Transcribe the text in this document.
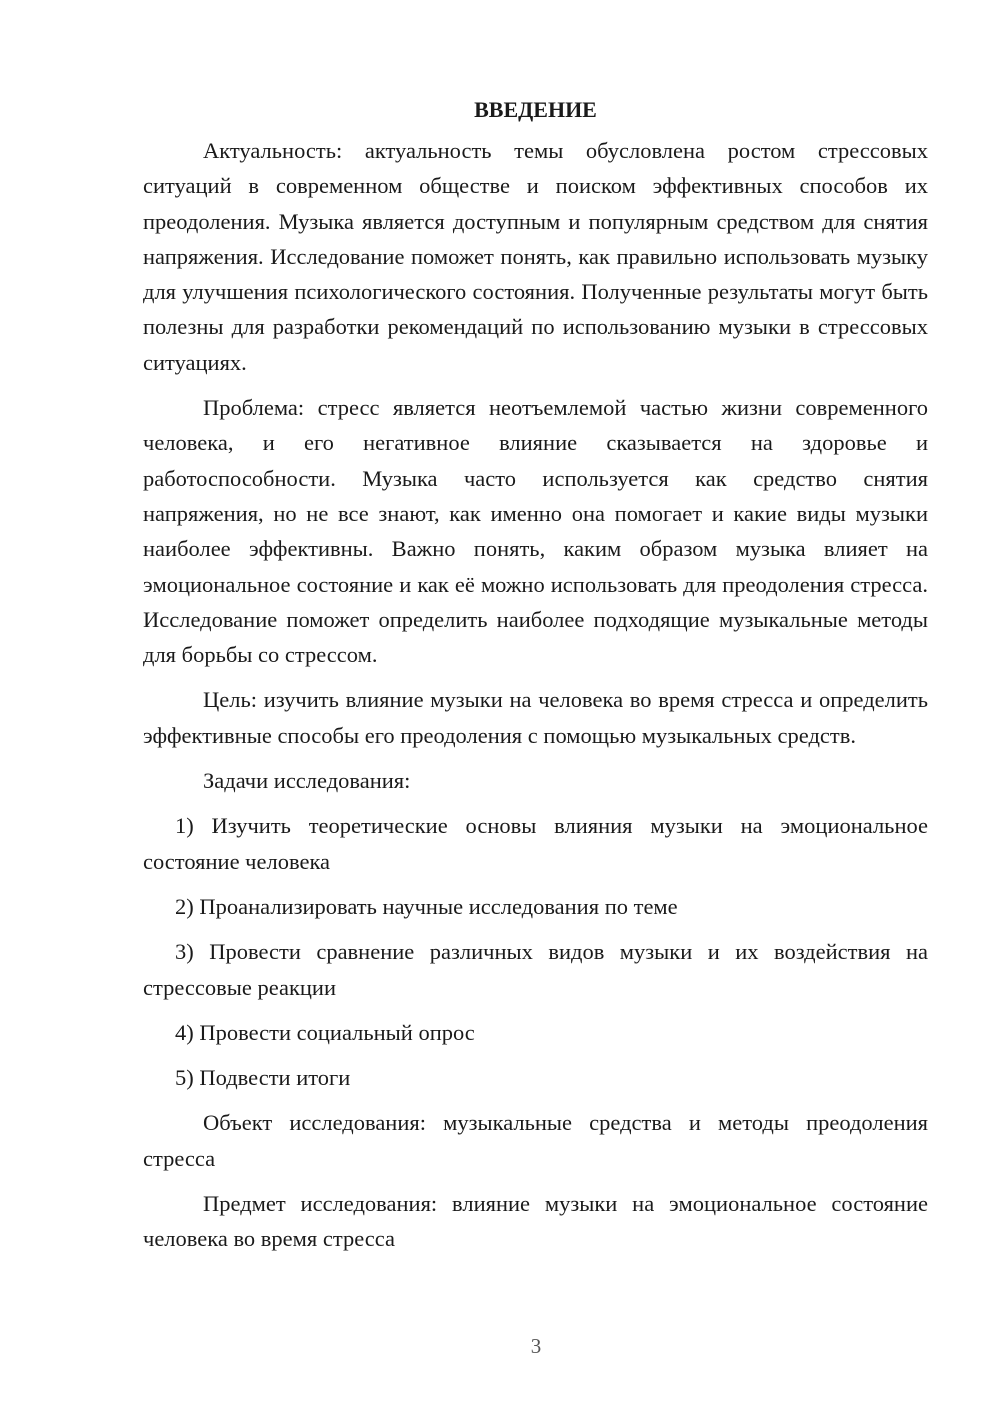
ВВЕДЕНИЕ

Актуальность: актуальность темы обусловлена ростом стрессовых ситуаций в современном обществе и поиском эффективных способов их преодоления. Музыка является доступным и популярным средством для снятия напряжения. Исследование поможет понять, как правильно использовать музыку для улучшения психологического состояния. Полученные результаты могут быть полезны для разработки рекомендаций по использованию музыки в стрессовых ситуациях.

Проблема: стресс является неотъемлемой частью жизни современного человека, и его негативное влияние сказывается на здоровье и работоспособности. Музыка часто используется как средство снятия напряжения, но не все знают, как именно она помогает и какие виды музыки наиболее эффективны. Важно понять, каким образом музыка влияет на эмоциональное состояние и как её можно использовать для преодоления стресса. Исследование поможет определить наиболее подходящие музыкальные методы для борьбы со стрессом.

Цель: изучить влияние музыки на человека во время стресса и определить эффективные способы его преодоления с помощью музыкальных средств.

Задачи исследования:

1) Изучить теоретические основы влияния музыки на эмоциональное состояние человека

2) Проанализировать научные исследования по теме

3) Провести сравнение различных видов музыки и их воздействия на стрессовые реакции

4) Провести социальный опрос

5) Подвести итоги

Объект исследования: музыкальные средства и методы преодоления стресса

Предмет исследования: влияние музыки на эмоциональное состояние человека во время стресса

3
